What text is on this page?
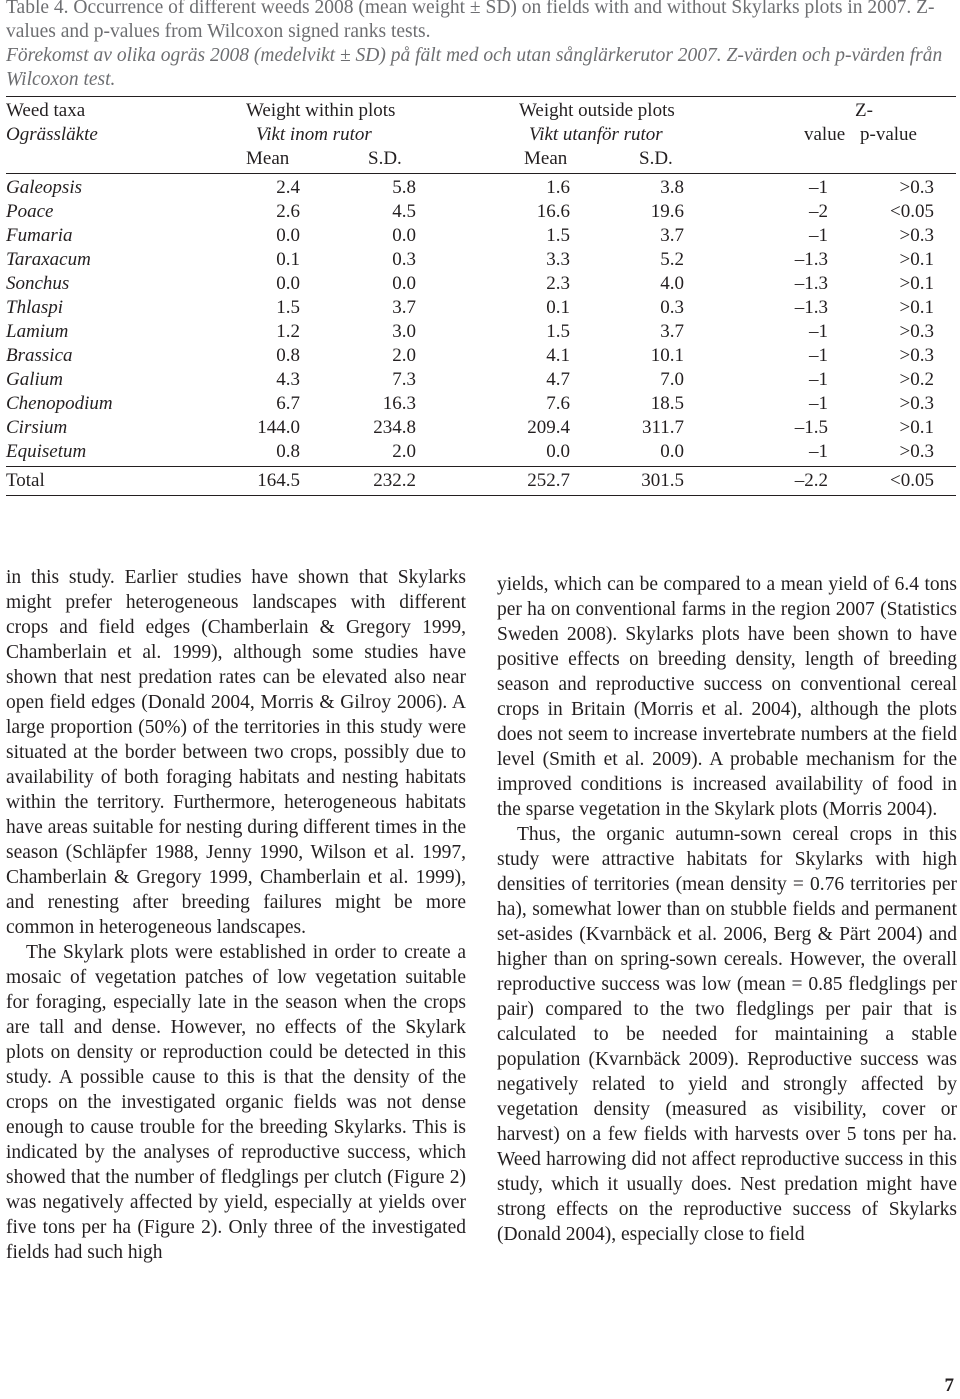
Table 4. Occurrence of different weeds 2008 (mean weight ± SD) on fields with and without Skylarks plots in 2007. Z-values and p-values from Wilcoxon signed ranks tests.
Förekomst av olika ogräs 2008 (medelvikt ± SD) på fält med och utan sånglärkerutor 2007. Z-värden och p-värden från Wilcoxon test.
Weed taxa
Ogrässläkte
Weight within plots
Vikt inom rutor
Weight outside plots
Vikt utanför rutor
Z-
value p-value
Mean	S.D.	Mean	S.D.
Galeopsis	2.4	5.8	1.6	3.8	–1	>0.3
Poace	2.6	4.5	16.6	19.6	–2	<0.05
Fumaria	0.0	0.0	1.5	3.7	–1	>0.3
Taraxacum	0.1	0.3	3.3	5.2	–1.3	>0.1
Sonchus	0.0	0.0	2.3	4.0	–1.3	>0.1
Thlaspi	1.5	3.7	0.1	0.3	–1.3	>0.1
Lamium	1.2	3.0	1.5	3.7	–1	>0.3
Brassica	0.8	2.0	4.1	10.1	–1	>0.3
Galium	4.3	7.3	4.7	7.0	–1	>0.2
Chenopodium	6.7	16.3	7.6	18.5	–1	>0.3
Cirsium	144.0	234.8	209.4	311.7	–1.5	>0.1
Equisetum	0.8	2.0	0.0	0.0	–1	>0.3
Total	164.5	232.2	252.7	301.5	–2.2	<0.05

in this study. Earlier studies have shown that Skylarks might prefer heterogeneous landscapes with different crops and field edges (Chamberlain & Gregory 1999, Chamberlain et al. 1999), although some studies have shown that nest predation rates can be elevated also near open field edges (Donald 2004, Morris & Gilroy 2006). A large proportion (50%) of the territories in this study were situated at the border between two crops, possibly due to availability of both foraging habitats and nesting habitats within the territory. Furthermore, heterogeneous habitats have areas suitable for nesting during different times in the season (Schläpfer 1988, Jenny 1990, Wilson et al. 1997, Chamberlain & Gregory 1999, Chamberlain et al. 1999), and renesting after breeding failures might be more common in heterogeneous landscapes.

The Skylark plots were established in order to create a mosaic of vegetation patches of low vegetation suitable for foraging, especially late in the season when the crops are tall and dense. However, no effects of the Skylark plots on density or reproduction could be detected in this study. A possible cause to this is that the density of the crops on the investigated organic fields was not dense enough to cause trouble for the breeding Skylarks. This is indicated by the analyses of reproductive success, which showed that the number of fledglings per clutch (Figure 2) was negatively affected by yield, especially at yields over five tons per ha (Figure 2). Only three of the investigated fields had such high

yields, which can be compared to a mean yield of 6.4 tons per ha on conventional farms in the region 2007 (Statistics Sweden 2008). Skylarks plots have been shown to have positive effects on breeding density, length of breeding season and reproductive success on conventional cereal crops in Britain (Morris et al. 2004), although the plots does not seem to increase invertebrate numbers at the field level (Smith et al. 2009). A probable mechanism for the improved conditions is increased availability of food in the sparse vegetation in the Skylark plots (Morris 2004).

Thus, the organic autumn-sown cereal crops in this study were attractive habitats for Skylarks with high densities of territories (mean density = 0.76 territories per ha), somewhat lower than on stubble fields and permanent set-asides (Kvarnbäck et al. 2006, Berg & Pärt 2004) and higher than on spring-sown cereals. However, the overall reproductive success was low (mean = 0.85 fledglings per pair) compared to the two fledglings per pair that is calculated to be needed for maintaining a stable population (Kvarnbäck 2009). Reproductive success was negatively related to yield and strongly affected by vegetation density (measured as visibility, cover or harvest) on a few fields with harvests over 5 tons per ha. Weed harrowing did not affect reproductive success in this study, which it usually does. Nest predation might have strong effects on the reproductive success of Skylarks (Donald 2004), especially close to field

7
